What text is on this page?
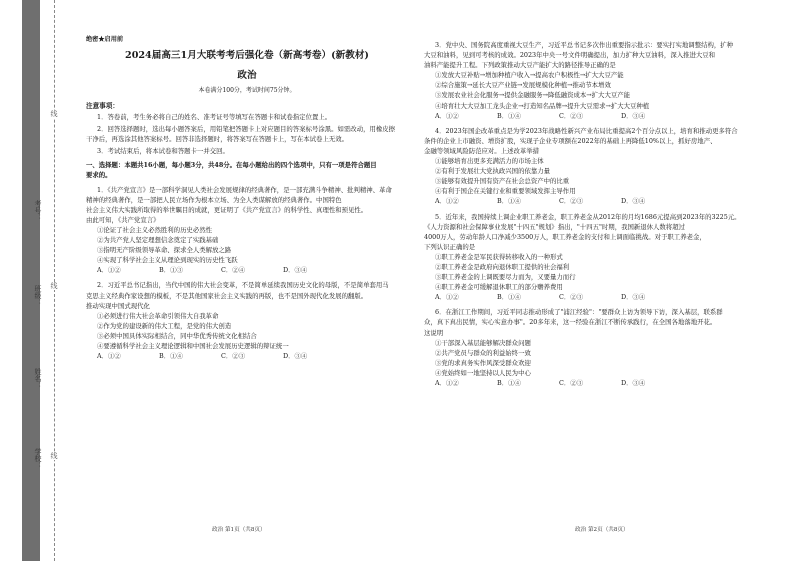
线
线
线
考号：
班级：
姓名：
学校：

绝密★启用前

2024届高三1月大联考考后强化卷（新高考卷）(新教材)

政治

本卷满分100分，考试时间75分钟。

注意事项：

1．答卷前，考生务必将自己的姓名、准考证号等填写在答题卡和试卷指定位置上。

2．回答选择题时，选出每小题答案后，用铅笔把答题卡上对应题目的答案标号涂黑。如需改动，用橡皮擦

干净后，再选涂其他答案标号。回答非选择题时，将答案写在答题卡上，写在本试卷上无效。

3．考试结束后，将本试卷和答题卡一并交回。

一、选择题：本题共16小题，每小题3分，共48分。在每小题给出的四个选项中，只有一项是符合题目

要求的。

1．《共产党宣言》是一部科学洞见人类社会发展规律的经典著作，是一部充满斗争精神、批判精神、革命

精神的经典著作，是一部把人民立场作为根本立场、为全人类谋解放的经典著作。中国特色

社会主义伟大实践所取得的举世瞩目的成就，更证明了《共产党宣言》的科学性、真理性和预见性。

由此可知，《共产党宣言》

①论证了社会主义必然胜利的历史必然性

②为共产党人坚定理想信念奠定了实践基础

③指明无产阶级领导革命、探求全人类解放之路

④实现了科学社会主义从理论到现实的历史性飞跃

A．①②	B．①③	C．②④	D．③④

2．习近平总书记指出，当代中国的伟大社会变革，不是简单延续我国历史文化的母版，不是简单套用马

克思主义经典作家设想的模板，不是其他国家社会主义实践的再版，也不是国外现代化发展的翻版。

推动实现中国式现代化

①必须进行伟大社会革命引领伟大自我革命

②作为党的建设新的伟大工程，是党的伟大创造

③必须中国具体实际相结合，同中华优秀传统文化相结合

④要遵循科学社会主义理论逻辑和中国社会发展历史逻辑的辩证统一

A．①②	B．①④	C．②③	D．③④

3．党中央、国务院高度重视大豆生产，习近平总书记多次作出重要指示批示：要实打实地调整结构，扩种

大豆和油料，见到可考核的成效。2023年中央一号文件明确提出，加力扩种大豆油料，深入推进大豆和

油料产能提升工程。下列政策推动大豆产能扩大的路径推导正确的是

①发放大豆补贴→增加种植户收入→提高农户积极性→扩大大豆产能

②综合施策→延长大豆产业链→发展规模化种植→推动节本增效

③发展农业社会化服务→提供金融服务→降低融资成本→扩大大豆产能

④培育壮大大豆加工龙头企业→打造知名品牌→提升大豆需求→扩大大豆种植

A．①②	B．①④	C．②③	D．③④

4．2023年国企改革重点是为学2023年战略性新兴产业布局比重提高2个百分点以上，培育和推动更多符合

条件的企业上市融资、增资扩股，实现子企业专项额在2022年的基础上再降低10%以上，抓好房地产、

金融等领域风险防范应对。上述改革举措

①能够培育出更多充满活力的市场主体

②有利于发展壮大党执政兴国的依靠力量

③能够有效提升国有资产在社会总资产中的比重

④有利于国企在关键行业和重要领域发挥主导作用

A．①②	B．①④	C．②③	D．③④

5．近年来，我国持续上调企业职工养老金，职工养老金从2012年的月均1686元提高到2023年的3225元。

《人力资源和社会保障事业发展"十四五"规划》指出，"十四五"时期，我国新退休人数将超过

4000万人，劳动年龄人口净减少3500万人，职工养老金的支付和上调面临挑战。对于职工养老金，

下列认识正确的是

①职工养老金是军民获得转移收入的一种形式

②职工养老金是政府向退休职工提供的社会福利

③职工养老金的上调既要尽力而为，又要量力而行

④职工养老金可缓解退休职工的部分赡养费用

A．①②	B．①④	C．②③	D．③④

6．在浙江工作期间，习近平同志推动形成了"浦江经验"："要群众上访为领导下访，深入基层，联系群

众，真下真出民情，实心实意办事"。20多年来，这一经验在浙江不断传承践行，在全国各地落地开花。

这说明

①干部深入基层能够解决群众问题

②共产党员与群众的利益始终一致

③党的求真务实作风深受群众欢迎

④党始终如一地坚持以人民为中心

A．①②	B．①④	C．②③	D．③④
政治 第1页（共8页）	政治 第2页（共8页）
